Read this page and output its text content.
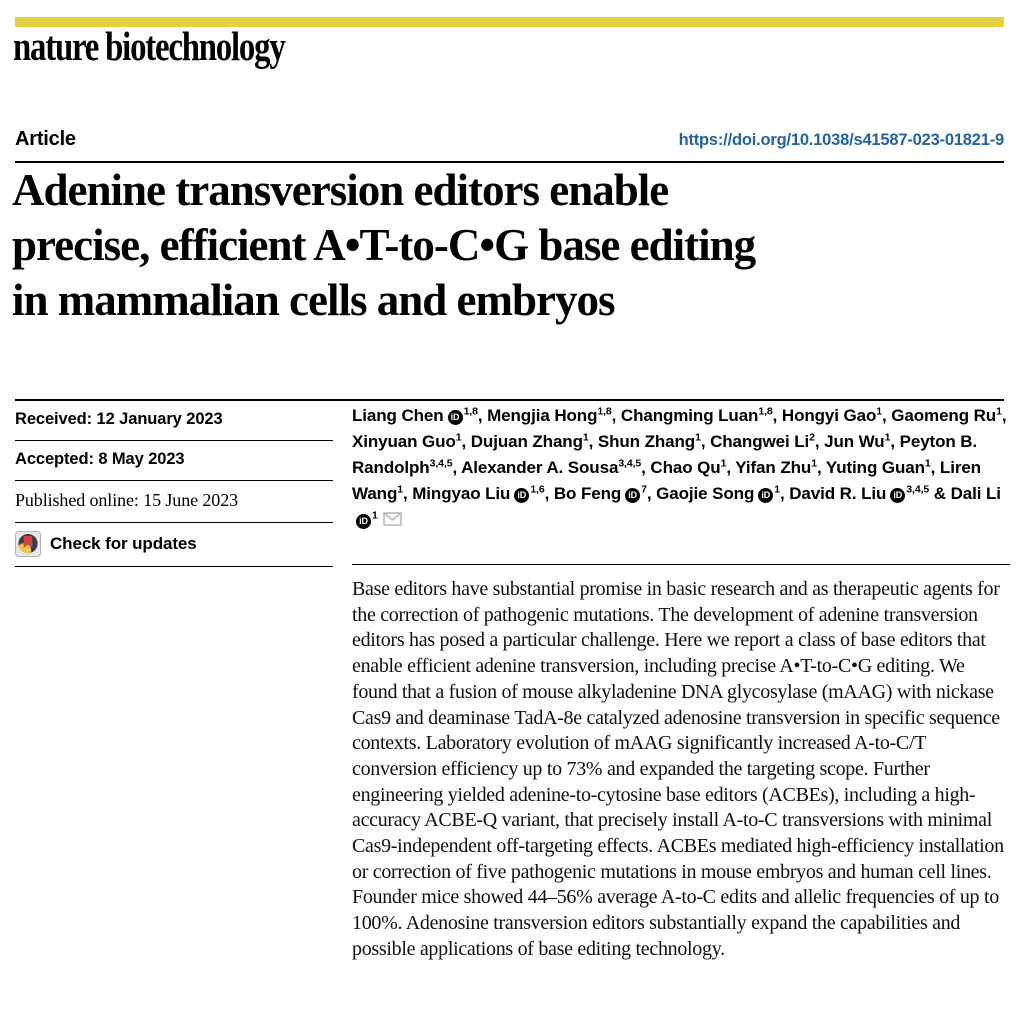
nature biotechnology
Article	https://doi.org/10.1038/s41587-023-01821-9
Adenine transversion editors enable
precise, efficient A•T-to-C•G base editing
in mammalian cells and embryos
Received: 12 January 2023
Accepted: 8 May 2023
Published online: 15 June 2023
Check for updates
Liang Chen iD $^{1,8}$, Mengjia Hong$^{1,8}$, Changming Luan$^{1,8}$, Hongyi Gao$^1$, Gaomeng Ru$^1$, Xinyuan Guo$^1$, Dujuan Zhang$^1$, Shun Zhang$^1$, Changwei Li$^2$, Jun Wu$^1$, Peyton B. Randolph$^{3,4,5}$, Alexander A. Sousa$^{3,4,5}$, Chao Qu$^1$, Yifan Zhu$^1$, Yuting Guan$^1$, Liren Wang$^1$, Mingyao Liu iD $^{1,6}$, Bo Feng iD $^7$, Gaojie Song iD $^1$, David R. Liu iD $^{3,4,5}$ & Dali LiiD $^1$

Base editors have substantial promise in basic research and as therapeutic agents for the correction of pathogenic mutations. The development of adenine transversion editors has posed a particular challenge. Here we report a class of base editors that enable efficient adenine transversion, including precise A•T-to-C•G editing. We found that a fusion of mouse alkyladenine DNA glycosylase (mAAG) with nickase Cas9 and deaminase TadA-8e catalyzed adenosine transversion in specific sequence contexts. Laboratory evolution of mAAG significantly increased A-to-C/T conversion efficiency up to 73% and expanded the targeting scope. Further engineering yielded adenine-to-cytosine base editors (ACBEs), including a high-accuracy ACBE-Q variant, that precisely install A-to-C transversions with minimal Cas9-independent off-targeting effects. ACBEs mediated high-efficiency installation or correction of five pathogenic mutations in mouse embryos and human cell lines. Founder mice showed 44–56% average A-to-C edits and allelic frequencies of up to 100%. Adenosine transversion editors substantially expand the capabilities and possible applications of base editing technology.
